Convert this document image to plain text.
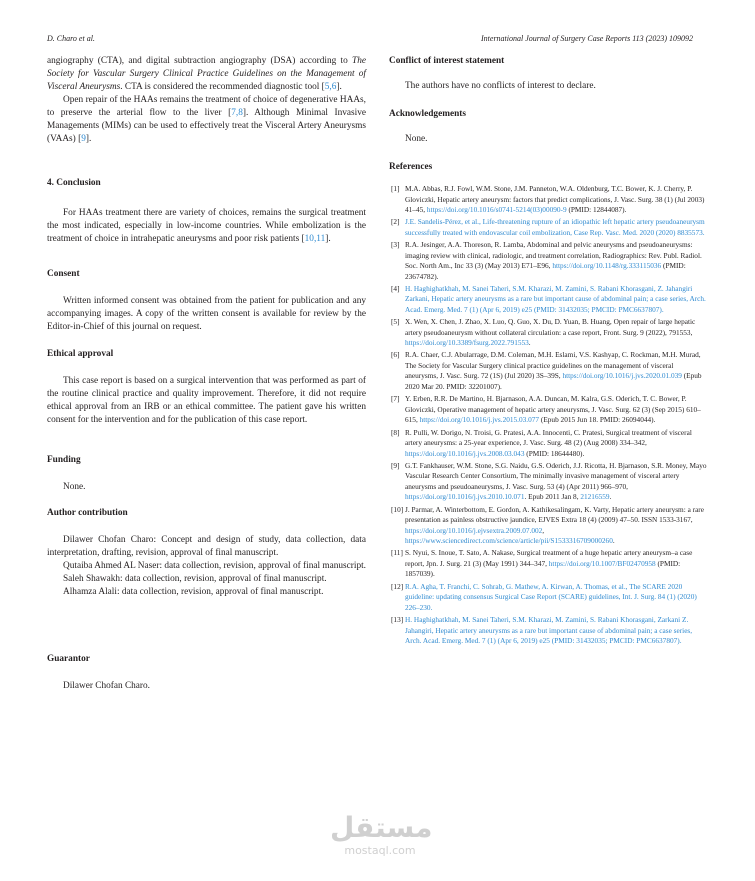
D. Charo et al.	International Journal of Surgery Case Reports 113 (2023) 109092

angiography (CTA), and digital subtraction angiography (DSA) according to The Society for Vascular Surgery Clinical Practice Guidelines on the Management of Visceral Aneurysms. CTA is considered the recommended diagnostic tool [5,6].

Open repair of the HAAs remains the treatment of choice of degenerative HAAs, to preserve the arterial flow to the liver [7,8]. Although Minimal Invasive Managements (MIMs) can be used to effectively treat the Visceral Artery Aneurysms (VAAs) [9].

4. Conclusion

For HAAs treatment there are variety of choices, remains the surgical treatment the most indicated, especially in low-income countries. While embolization is the treatment of choice in intrahepatic aneurysms and poor risk patients [10,11].

Consent

Written informed consent was obtained from the patient for publication and any accompanying images. A copy of the written consent is available for review by the Editor-in-Chief of this journal on request.

Ethical approval

This case report is based on a surgical intervention that was performed as part of the routine clinical practice and quality improvement. Therefore, it did not require ethical approval from an IRB or an ethical committee. The patient gave his written consent for the intervention and for the publication of this case report.

Funding

None.

Author contribution

Dilawer Chofan Charo: Concept and design of study, data collection, data interpretation, drafting, revision, approval of final manuscript.

Qutaiba Ahmed AL Naser: data collection, revision, approval of final manuscript.

Saleh Shawakh: data collection, revision, approval of final manuscript.

Alhamza Alali: data collection, revision, approval of final manuscript.

Guarantor

Dilawer Chofan Charo.

Conflict of interest statement

The authors have no conflicts of interest to declare.

Acknowledgements

None.

References

[1] M.A. Abbas, R.J. Fowl, W.M. Stone, J.M. Panneton, W.A. Oldenburg, T.C. Bower, K. J. Cherry, P. Gloviczki, Hepatic artery aneurysm: factors that predict complications, J. Vasc. Surg. 38 (1) (Jul 2003) 41–45, https://doi.org/10.1016/s0741-5214(03)00090-9 (PMID: 12844087).
[2] J.E. Sandelis-Pérez, et al., Life-threatening rupture of an idiopathic left hepatic artery pseudoaneurysm successfully treated with endovascular coil embolization, Case Rep. Vasc. Med. 2020 (2020) 8835573.
[3] R.A. Jesinger, A.A. Thoreson, R. Lamba, Abdominal and pelvic aneurysms and pseudoaneurysms: imaging review with clinical, radiologic, and treatment correlation, Radiographics: Rev. Publ. Radiol. Soc. North Am., Inc 33 (3) (May 2013) E71–E96, https://doi.org/10.1148/rg.333115036 (PMID: 23674782).
[4] H. Haghighatkhah, M. Sanei Taheri, S.M. Kharazi, M. Zamini, S. Rabani Khorasgani, Z. Jahangiri Zarkani, Hepatic artery aneurysms as a rare but important cause of abdominal pain; a case series, Arch. Acad. Emerg. Med. 7 (1) (Apr 6, 2019) e25 (PMID: 31432035; PMCID: PMC6637807).
[5] X. Wen, X. Chen, J. Zhao, X. Luo, Q. Guo, X. Du, D. Yuan, B. Huang, Open repair of large hepatic artery pseudoaneurysm without collateral circulation: a case report, Front. Surg. 9 (2022), 791553, https://doi.org/10.3389/fsurg.2022.791553.
[6] R.A. Chaer, C.J. Abularrage, D.M. Coleman, M.H. Eslami, V.S. Kashyap, C. Rockman, M.H. Murad, The Society for Vascular Surgery clinical practice guidelines on the management of visceral aneurysms, J. Vasc. Surg. 72 (1S) (Jul 2020) 3S–39S, https://doi.org/10.1016/j.jvs.2020.01.039 (Epub 2020 Mar 20. PMID: 32201007).
[7] Y. Erben, R.R. De Martino, H. Bjarnason, A.A. Duncan, M. Kalra, G.S. Oderich, T. C. Bower, P. Gloviczki, Operative management of hepatic artery aneurysms, J. Vasc. Surg. 62 (3) (Sep 2015) 610–615, https://doi.org/10.1016/j.jvs.2015.03.077 (Epub 2015 Jun 18. PMID: 26094044).
[8] R. Pulli, W. Dorigo, N. Troisi, G. Pratesi, A.A. Innocenti, C. Pratesi, Surgical treatment of visceral artery aneurysms: a 25-year experience, J. Vasc. Surg. 48 (2) (Aug 2008) 334–342, https://doi.org/10.1016/j.jvs.2008.03.043 (PMID: 18644480).
[9] G.T. Fankhauser, W.M. Stone, S.G. Naidu, G.S. Oderich, J.J. Ricotta, H. Bjarnason, S.R. Money, Mayo Vascular Research Center Consortium, The minimally invasive management of visceral artery aneurysms and pseudoaneurysms, J. Vasc. Surg. 53 (4) (Apr 2011) 966–970, https://doi.org/10.1016/j.jvs.2010.10.071. Epub 2011 Jan 8, 21216559.
[10] J. Parmar, A. Winterbottom, E. Gordon, A. Kathikesalingam, K. Varty, Hepatic artery aneurysm: a rare presentation as painless obstructive jaundice, EJVES Extra 18 (4) (2009) 47–50. ISSN 1533-3167, https://doi.org/10.1016/j.ejvsextra.2009.07.002, https://www.sciencedirect.com/science/article/pii/S1533316709000260.
[11] S. Nyui, S. Inoue, T. Sato, A. Nakase, Surgical treatment of a huge hepatic artery aneurysm–a case report, Jpn. J. Surg. 21 (3) (May 1991) 344–347, https://doi.org/10.1007/BF02470958 (PMID: 1857039).
[12] R.A. Agha, T. Franchi, C. Sohrab, G. Mathew, A. Kirwan, A. Thomas, et al., The SCARE 2020 guideline: updating consensus Surgical Case Report (SCARE) guidelines, Int. J. Surg. 84 (1) (2020) 226–230.
[13] H. Haghighatkhah, M. Sanei Taheri, S.M. Kharazi, M. Zamini, S. Rabani Khorasgani, Zarkani Z. Jahangiri, Hepatic artery aneurysms as a rare but important cause of abdominal pain; a case series, Arch. Acad. Emerg. Med. 7 (1) (Apr 6, 2019) e25 (PMID: 31432035; PMCID: PMC6637807).
مستقل
mostaql.com
